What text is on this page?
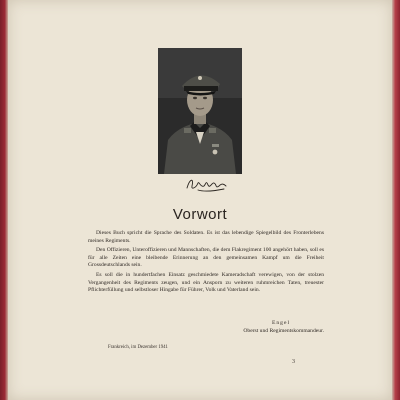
Vorwort

Dieses Buch spricht die Sprache des Soldaten. Es ist das lebendige Spiegelbild des Fronterlebens meines Regiments.

Den Offizieren, Unteroffizieren und Mannschaften, die dem Flakregiment 100 angehört haben, soll es für alle Zeiten eine bleibende Erinnerung an den gemeinsamen Kampf um die Freiheit Grossdeutschlands sein.

Es soll die in hundertfachen Einsatz geschmiedete Kameradschaft verewigen, von der stolzen Vergangenheit des Regiments zeugen, und ein Ansporn zu weiteren ruhmreichen Taten, treuester Pflichterfüllung und selbstloser Hingabe für Führer, Volk und Vaterland sein.

Engel
Oberst und Regimentskommandeur.
Frankreich, im Dezember 1941
3
